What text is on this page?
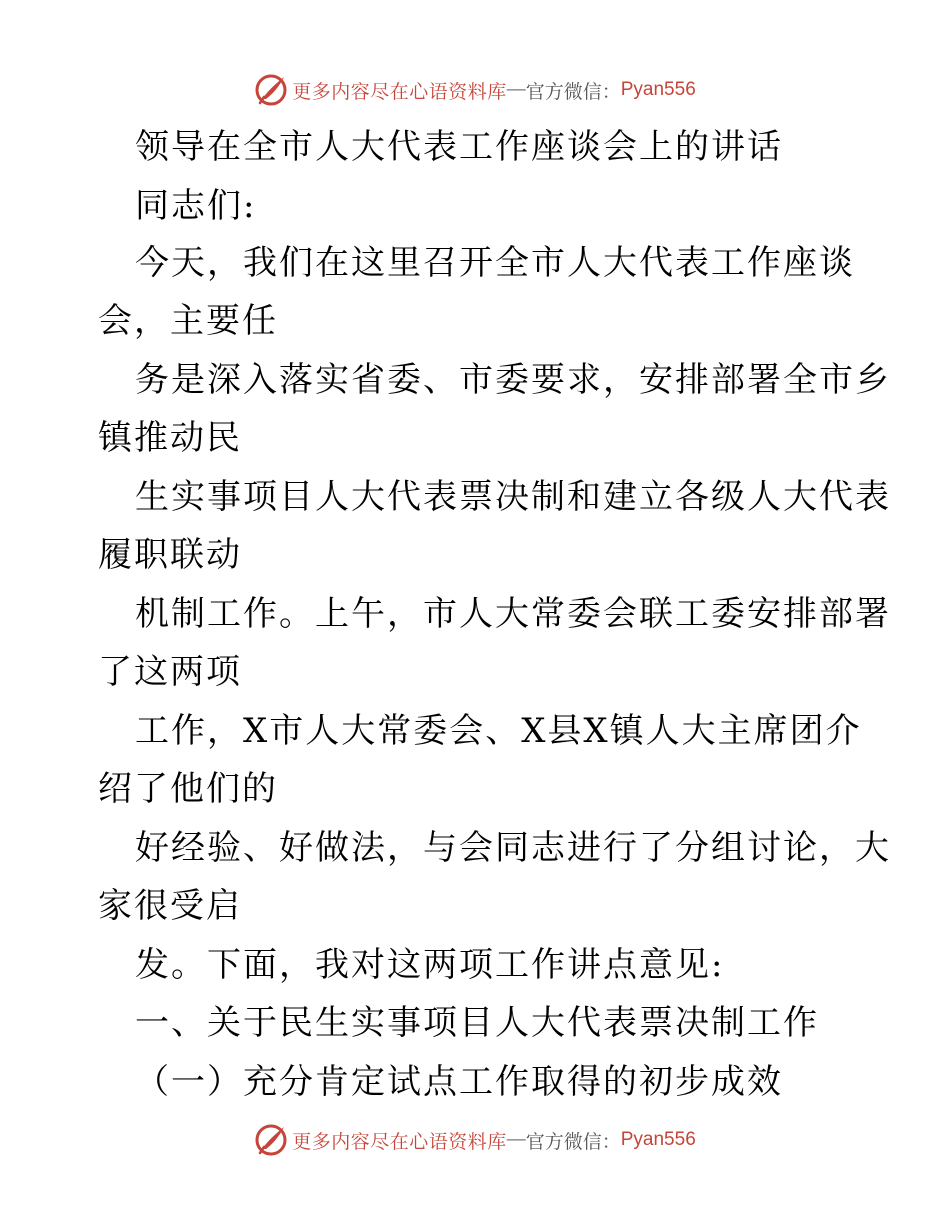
更多内容尽在心语资料库 — 官方微信： Pyan556
领导在全市人大代表工作座谈会上的讲话
同志们:
今天，我们在这里召开全市人大代表工作座谈
会，主要任
务是深入落实省委、市委要求，安排部署全市乡
镇推动民
生实事项目人大代表票决制和建立各级人大代表
履职联动
机制工作。上午，市人大常委会联工委安排部署
了这两项
工作，X市人大常委会、X县X镇人大主席团介
绍了他们的
好经验、好做法，与会同志进行了分组讨论，大
家很受启
发。下面，我对这两项工作讲点意见:
一、关于民生实事项目人大代表票决制工作
（一）充分肯定试点工作取得的初步成效
更多内容尽在心语资料库 — 官方微信： Pyan556
